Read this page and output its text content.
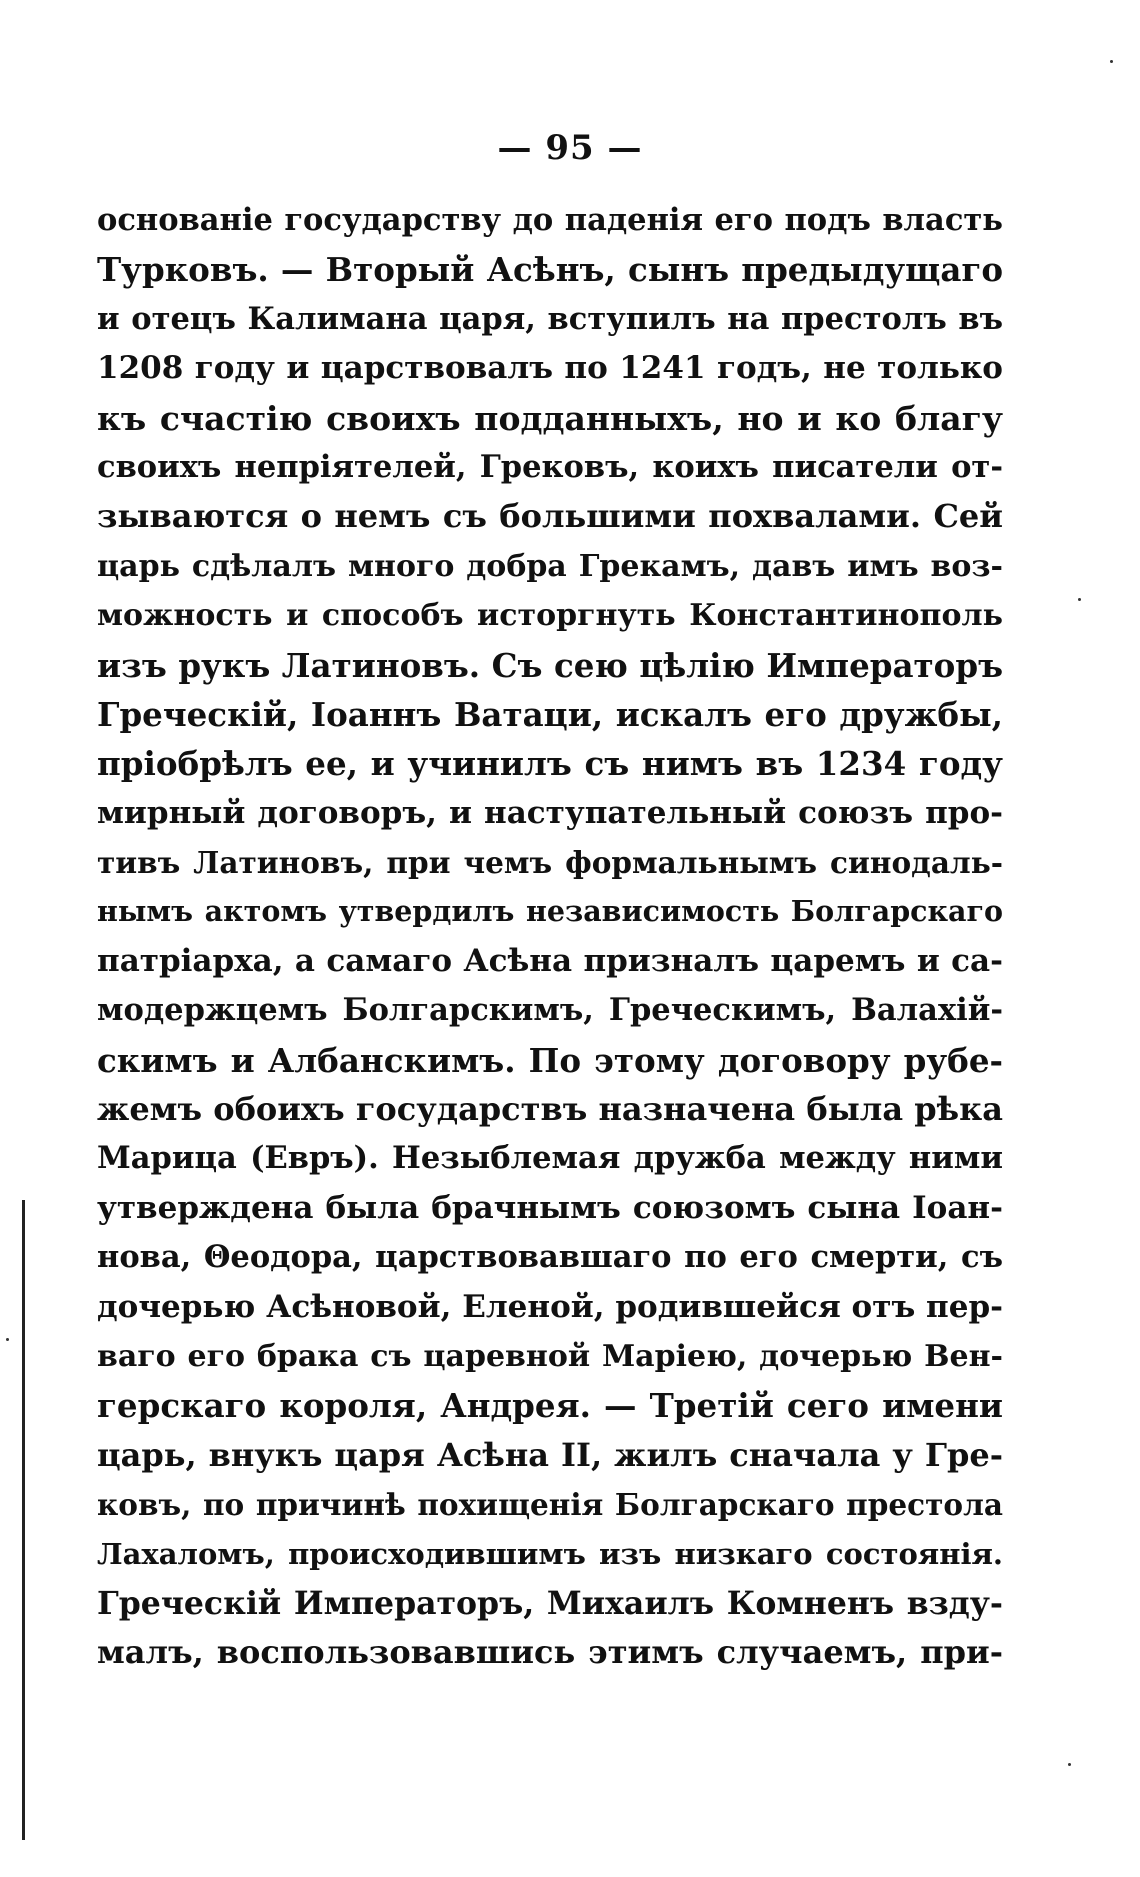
— 95 —
основаніе государству до паденія его подъ власть
Турковъ. — Вторый Асѣнъ, сынъ предыдущаго
и отецъ Калимана царя, вступилъ на престолъ въ
1208 году и царствовалъ по 1241 годъ, не только
къ счастію своихъ подданныхъ, но и ко благу
своихъ непріятелей, Грековъ, коихъ писатели от-
зываются о немъ съ большими похвалами. Сей
царь сдѣлалъ много добра Грекамъ, давъ имъ воз-
можность и способъ исторгнуть Константинополь
изъ рукъ Латиновъ. Съ сею цѣлію Императоръ
Греческій, Іоаннъ Ватаци, искалъ его дружбы,
пріобрѣлъ ее, и учинилъ съ нимъ въ 1234 году
мирный договоръ, и наступательный союзъ про-
тивъ Латиновъ, при чемъ формальнымъ синодаль-
нымъ актомъ утвердилъ независимость Болгарскаго
патріарха, а самаго Асѣна призналъ царемъ и са-
модержцемъ Болгарскимъ, Греческимъ, Валахій-
скимъ и Албанскимъ. По этому договору рубе-
жемъ обоихъ государствъ назначена была рѣка
Марица (Евръ). Незыблемая дружба между ними
утверждена была брачнымъ союзомъ сына Іоан-
нова, Θеодора, царствовавшаго по его смерти, съ
дочерью Асѣновой, Еленой, родившейся отъ пер-
ваго его брака съ царевной Маріею, дочерью Вен-
герскаго короля, Андрея. — Третій сего имени
царь, внукъ царя Асѣна II, жилъ сначала у Гре-
ковъ, по причинѣ похищенія Болгарскаго престола
Лахаломъ, происходившимъ изъ низкаго состоянія.
Греческій Императоръ, Михаилъ Комненъ взду-
малъ, воспользовавшись этимъ случаемъ, при-
